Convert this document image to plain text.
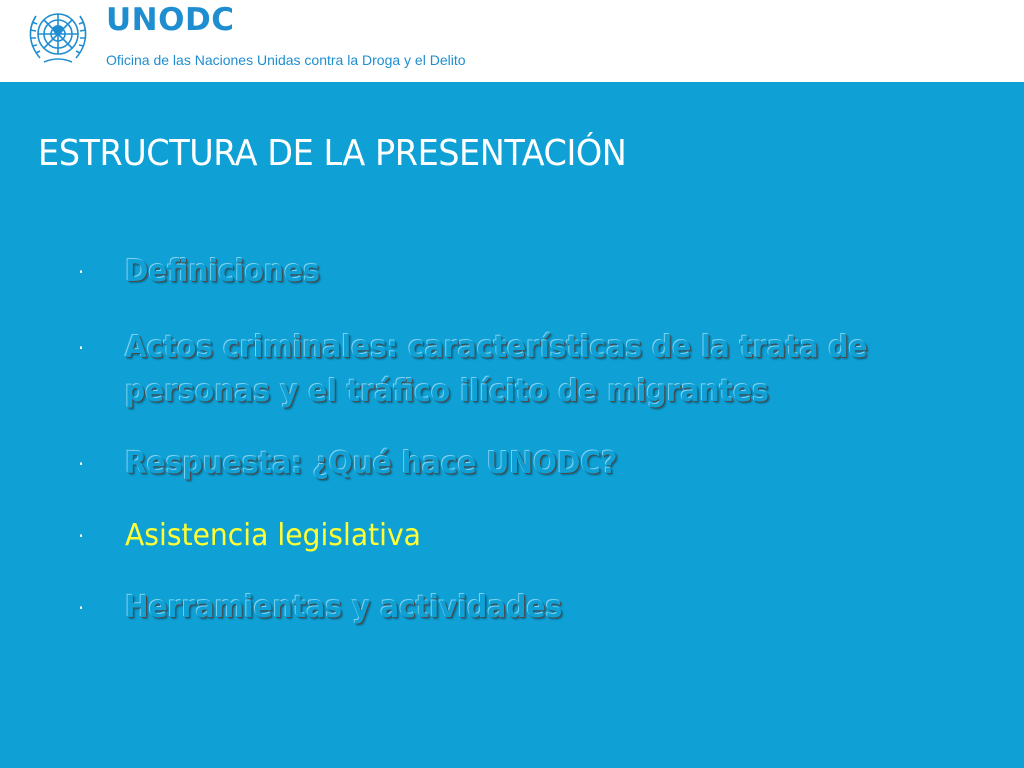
UNODC
Oficina de las Naciones Unidas contra la Droga y el Delito
ESTRUCTURA DE LA PRESENTACIÓN
·	Definiciones
·	Actos criminales: características de la trata de personas y el tráfico ilícito de migrantes
·	Respuesta: ¿Qué hace UNODC?
·	Asistencia legislativa
·	Herramientas y actividades
